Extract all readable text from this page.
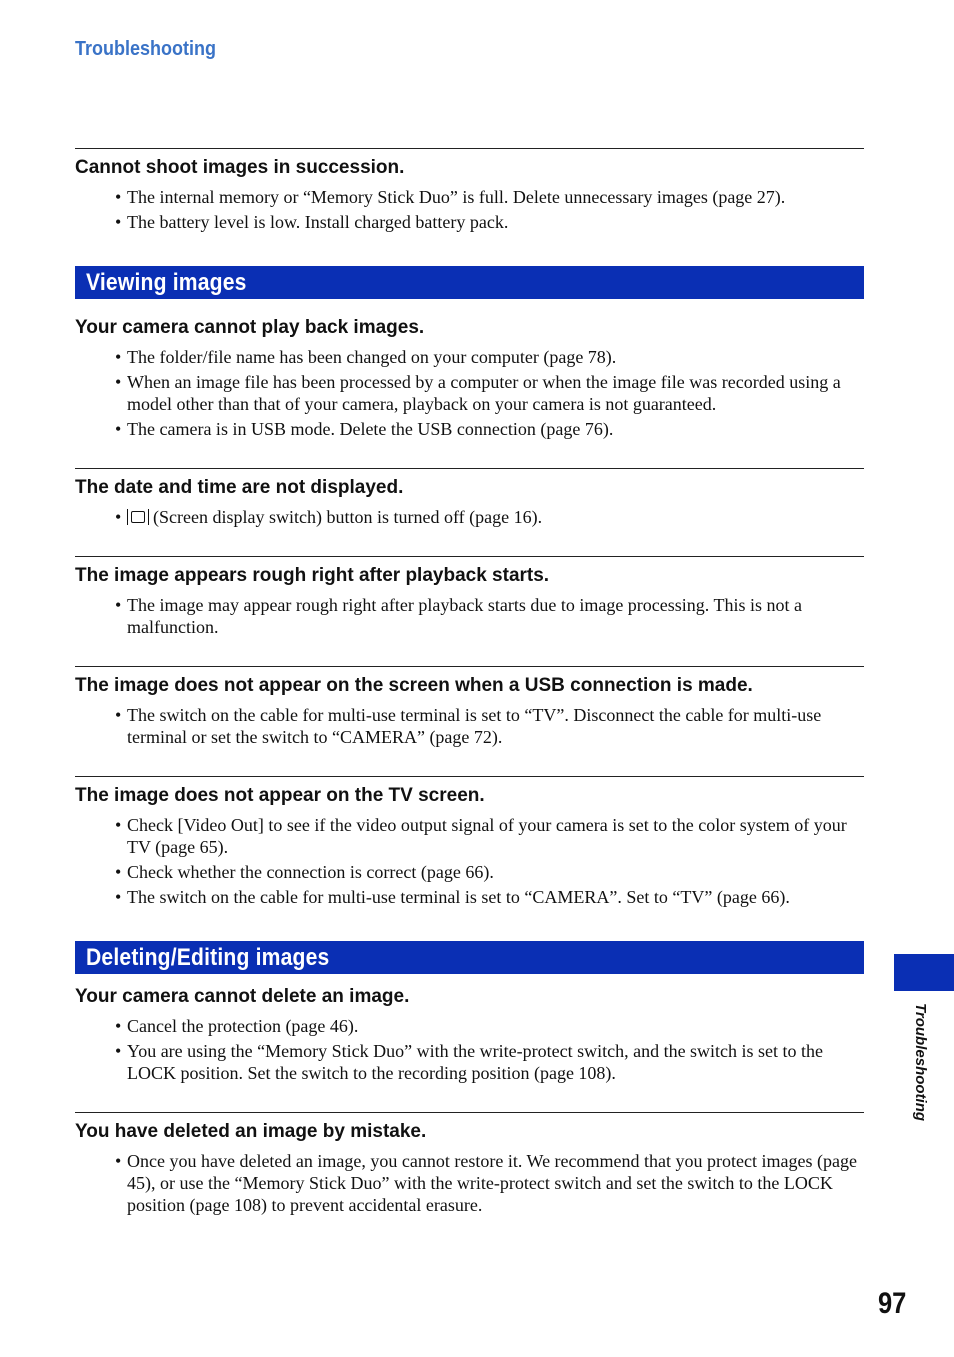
Troubleshooting
Cannot shoot images in succession.
• The internal memory or “Memory Stick Duo” is full. Delete unnecessary images (page 27).
• The battery level is low. Install charged battery pack.
Viewing images
Your camera cannot play back images.
• The folder/file name has been changed on your computer (page 78).
• When an image file has been processed by a computer or when the image file was recorded using a model other than that of your camera, playback on your camera is not guaranteed.
• The camera is in USB mode. Delete the USB connection (page 76).
The date and time are not displayed.
• (Screen display switch) button is turned off (page 16).
The image appears rough right after playback starts.
• The image may appear rough right after playback starts due to image processing. This is not a malfunction.
The image does not appear on the screen when a USB connection is made.
• The switch on the cable for multi-use terminal is set to “TV”. Disconnect the cable for multi-use terminal or set the switch to “CAMERA” (page 72).
The image does not appear on the TV screen.
• Check [Video Out] to see if the video output signal of your camera is set to the color system of your TV (page 65).
• Check whether the connection is correct (page 66).
• The switch on the cable for multi-use terminal is set to “CAMERA”. Set to “TV” (page 66).
Deleting/Editing images
Your camera cannot delete an image.
• Cancel the protection (page 46).
• You are using the “Memory Stick Duo” with the write-protect switch, and the switch is set to the LOCK position. Set the switch to the recording position (page 108).
You have deleted an image by mistake.
• Once you have deleted an image, you cannot restore it. We recommend that you protect images (page 45), or use the “Memory Stick Duo” with the write-protect switch and set the switch to the LOCK position (page 108) to prevent accidental erasure.
Troubleshooting
97
